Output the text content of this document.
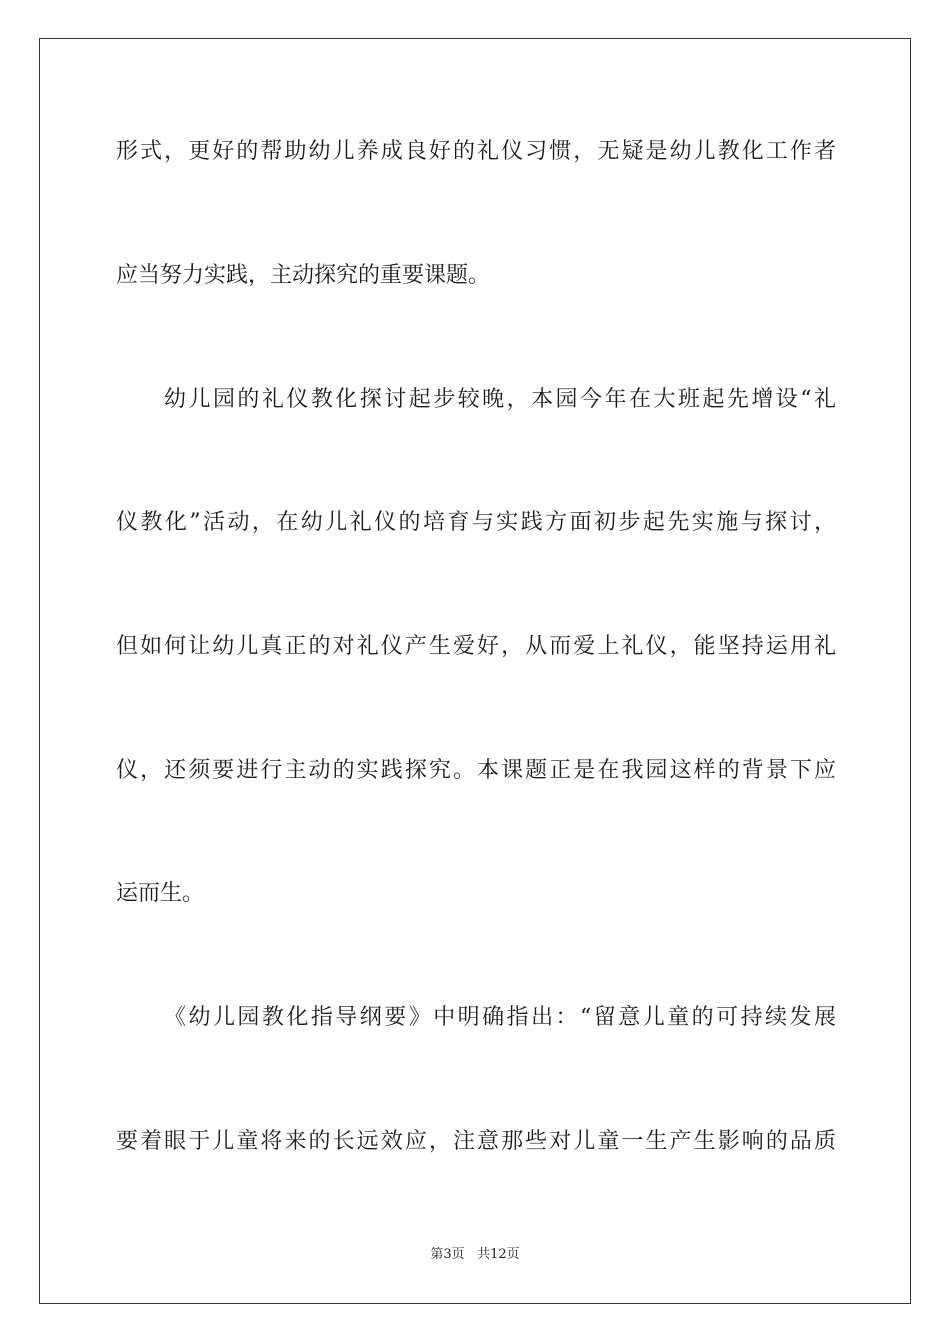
形式，更好的帮助幼儿养成良好的礼仪习惯，无疑是幼儿教化工作者
应当努力实践，主动探究的重要课题。
幼儿园的礼仪教化探讨起步较晚，本园今年在大班起先增设“礼
仪教化”活动，在幼儿礼仪的培育与实践方面初步起先实施与探讨，
但如何让幼儿真正的对礼仪产生爱好，从而爱上礼仪，能坚持运用礼
仪，还须要进行主动的实践探究。本课题正是在我园这样的背景下应
运而生。
《幼儿园教化指导纲要》中明确指出：“留意儿童的可持续发展
要着眼于儿童将来的长远效应，注意那些对儿童一生产生影响的品质
第3页 共12页
